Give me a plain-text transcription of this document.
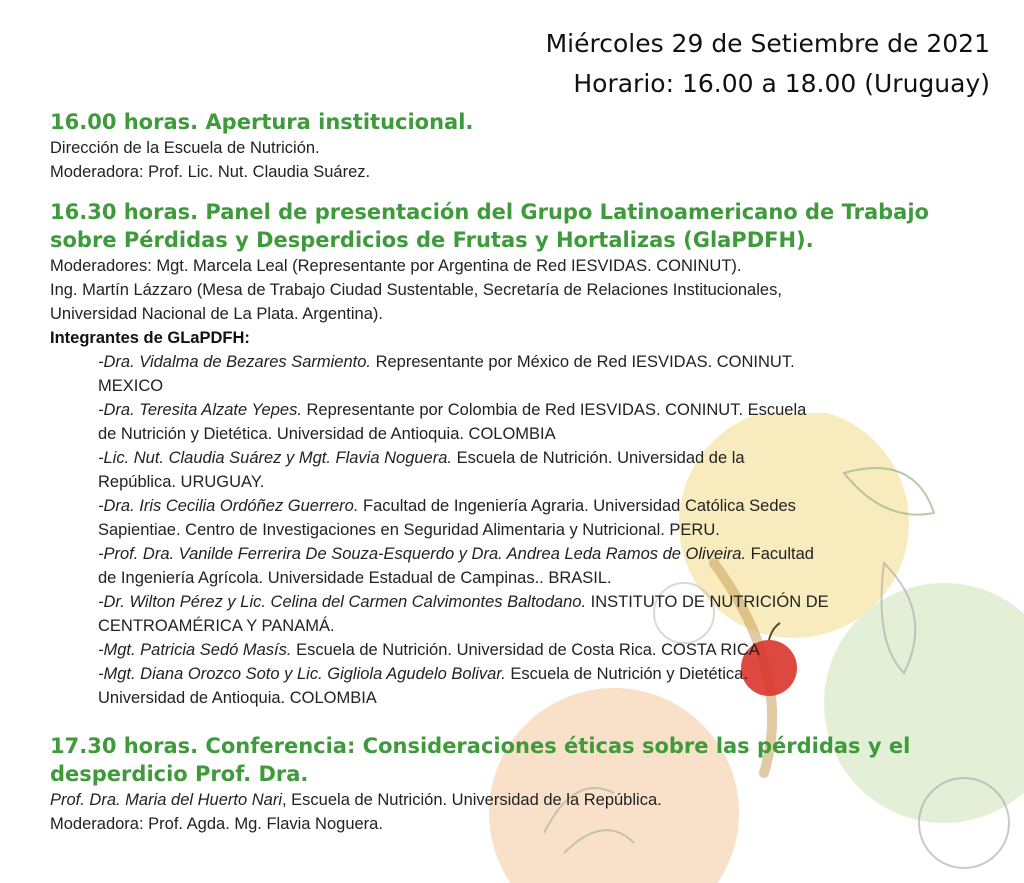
Miércoles 29 de Setiembre de 2021
Horario: 16.00 a 18.00 (Uruguay)

16.00 horas. Apertura institucional.

Dirección de la Escuela de Nutrición.

Moderadora: Prof. Lic. Nut. Claudia Suárez.

16.30 horas. Panel de presentación del Grupo Latinoamericano de Trabajo

sobre Pérdidas y Desperdicios de Frutas y Hortalizas (GlaPDFH).

Moderadores: Mgt. Marcela Leal (Representante por Argentina de Red IESVIDAS. CONINUT).

Ing. Martín Lázzaro (Mesa de Trabajo Ciudad Sustentable, Secretaría de Relaciones Institucionales,

Universidad Nacional de La Plata. Argentina).

Integrantes de GLaPDFH:

-Dra. Vidalma de Bezares Sarmiento. Representante por México de Red IESVIDAS. CONINUT.
MEXICO
-Dra. Teresita Alzate Yepes. Representante por Colombia de Red IESVIDAS. CONINUT. Escuela
de Nutrición y Dietética. Universidad de Antioquia. COLOMBIA
-Lic. Nut. Claudia Suárez y Mgt. Flavia Noguera. Escuela de Nutrición. Universidad de la
República. URUGUAY.
-Dra. Iris Cecilia Ordóñez Guerrero. Facultad de Ingeniería Agraria. Universidad Católica Sedes
Sapientiae. Centro de Investigaciones en Seguridad Alimentaria y Nutricional. PERU.
-Prof. Dra. Vanilde Ferrerira De Souza-Esquerdo y Dra. Andrea Leda Ramos de Oliveira. Facultad
de Ingeniería Agrícola. Universidade Estadual de Campinas.. BRASIL.
-Dr. Wilton Pérez y Lic. Celina del Carmen Calvimontes Baltodano. INSTITUTO DE NUTRICIÓN DE
CENTROAMÉRICA Y PANAMÁ.
-Mgt. Patricia Sedó Masís. Escuela de Nutrición. Universidad de Costa Rica. COSTA RICA
-Mgt. Diana Orozco Soto y Lic. Gigliola Agudelo Bolivar. Escuela de Nutrición y Dietética.
Universidad de Antioquia. COLOMBIA

17.30 horas. Conferencia: Consideraciones éticas sobre las pérdidas y el

desperdicio Prof. Dra.

Prof. Dra. Maria del Huerto Nari, Escuela de Nutrición. Universidad de la República.

Moderadora: Prof. Agda. Mg. Flavia Noguera.
